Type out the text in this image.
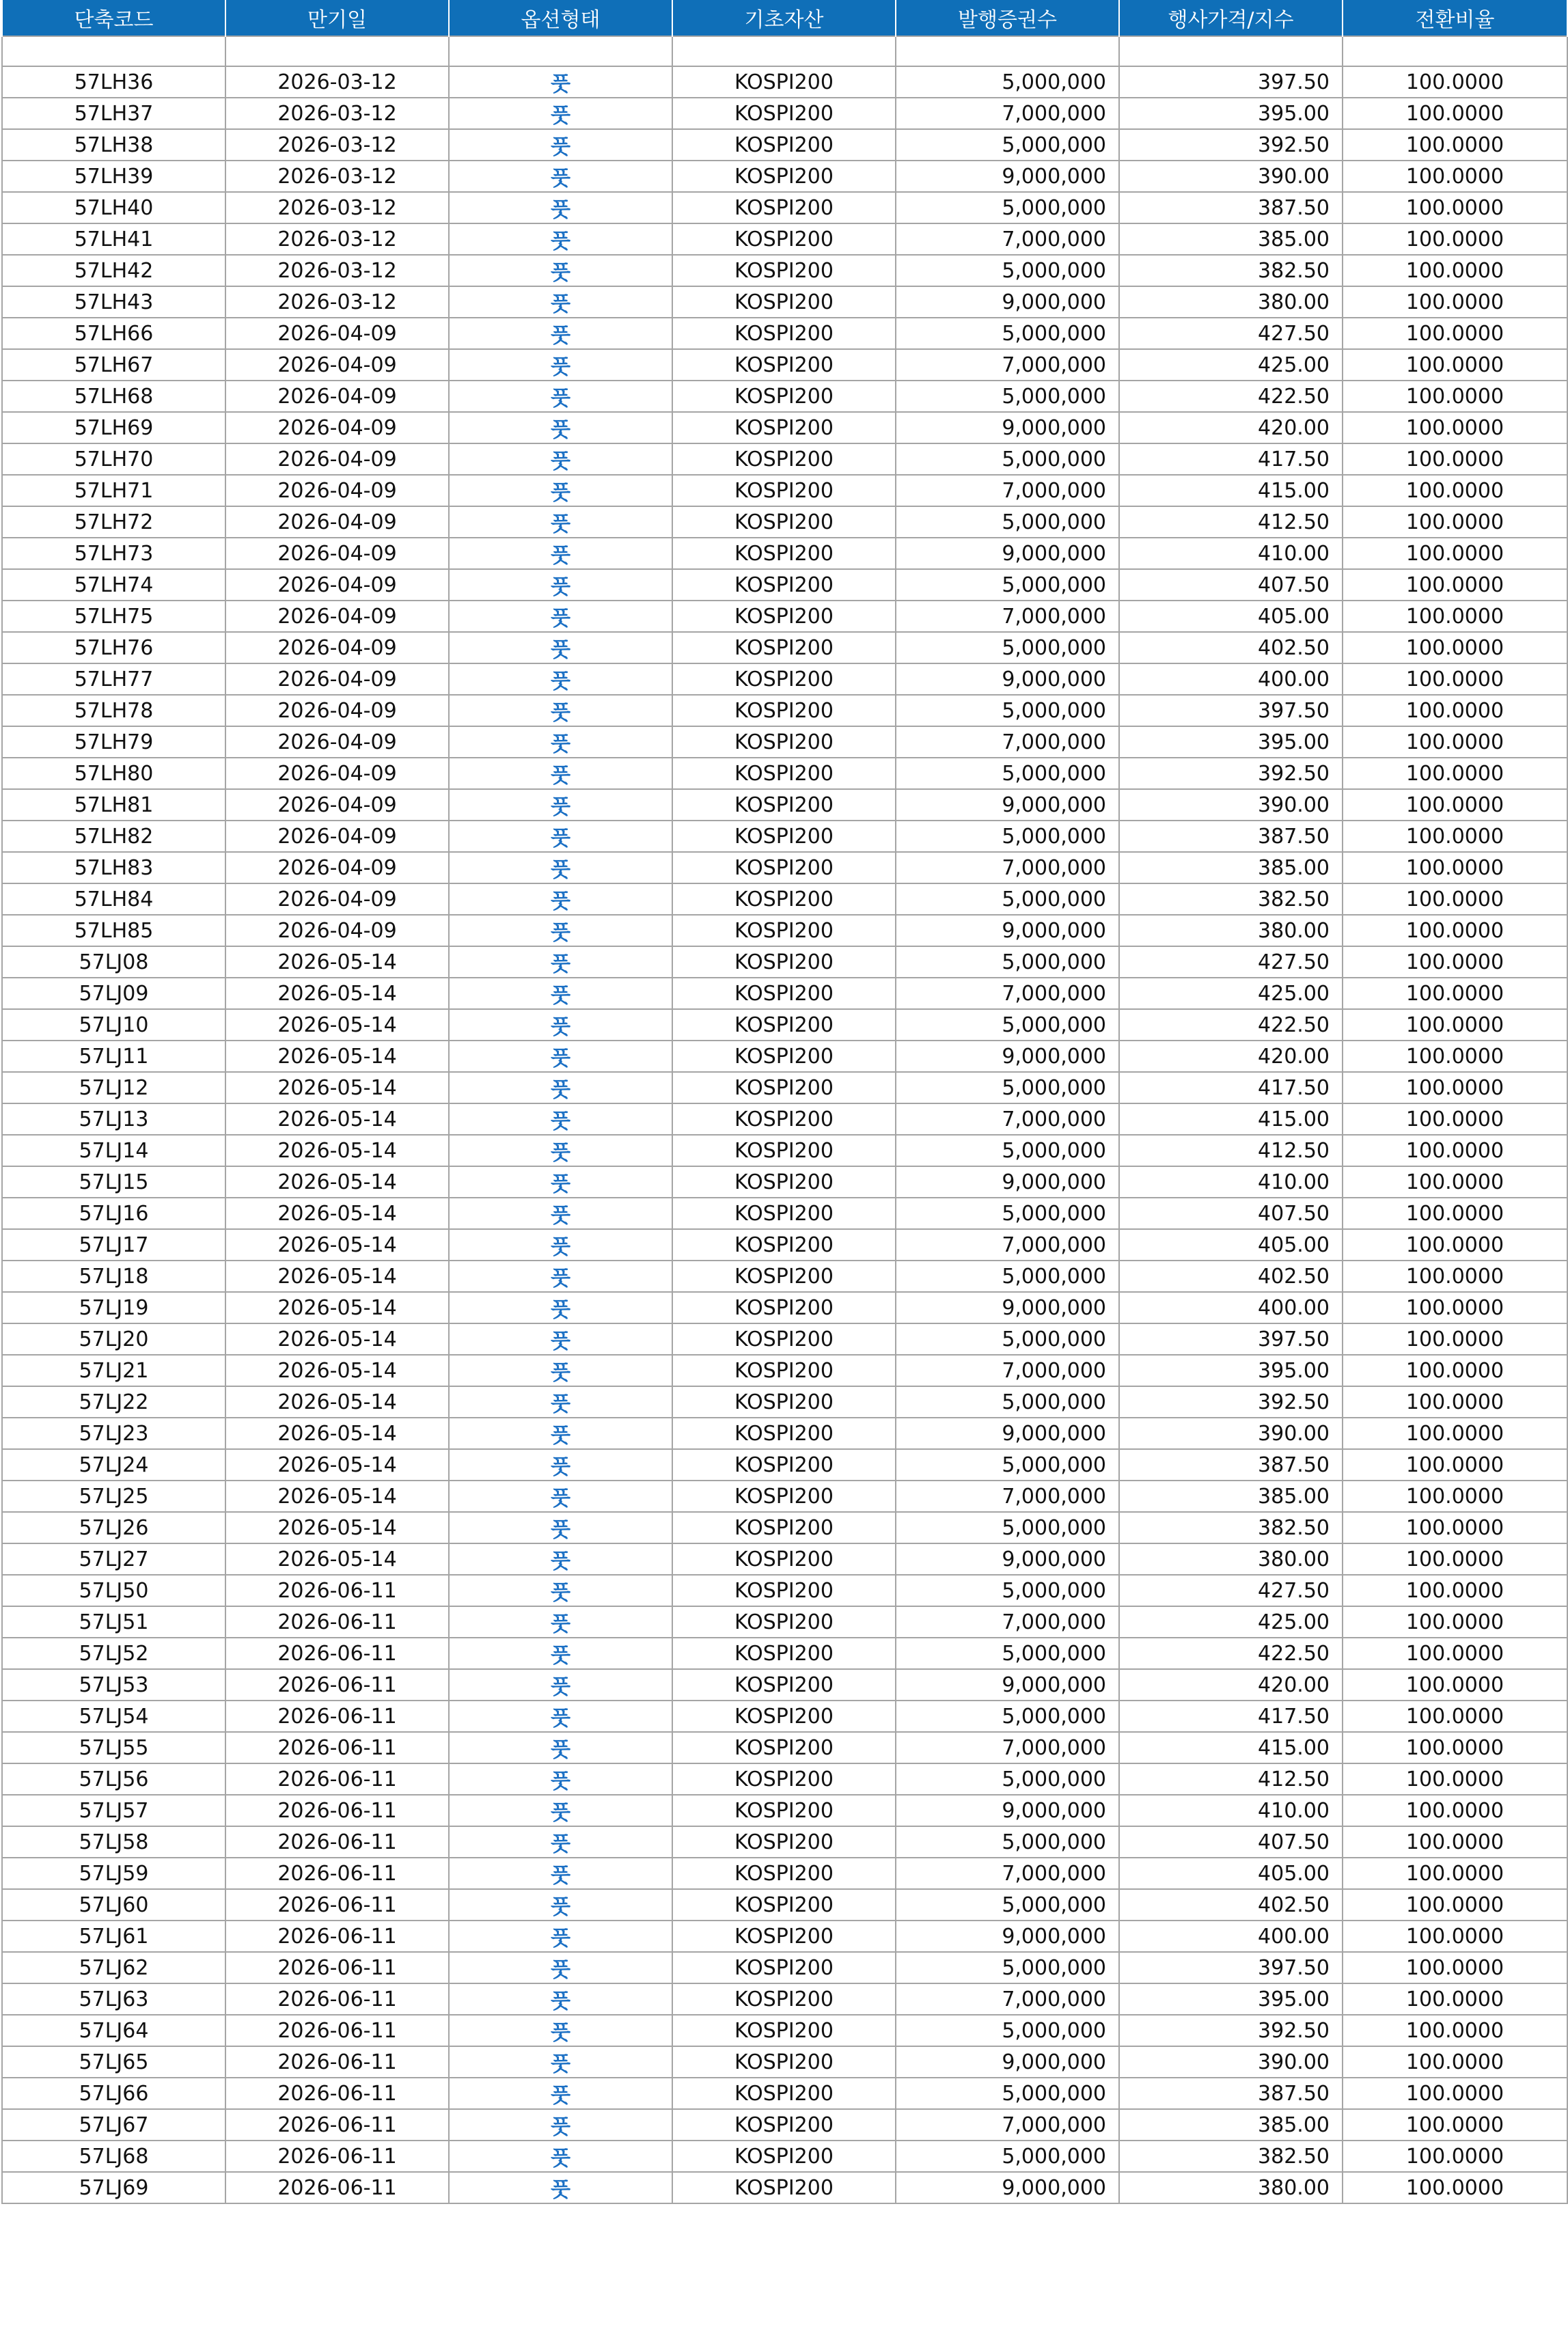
단축코드	만기일	옵션형태	기초자산	발행증권수	행사가격/지수	전환비율

57LH36	2026-03-12	풋	KOSPI200	5,000,000	397.50	100.0000
57LH37	2026-03-12	풋	KOSPI200	7,000,000	395.00	100.0000
57LH38	2026-03-12	풋	KOSPI200	5,000,000	392.50	100.0000
57LH39	2026-03-12	풋	KOSPI200	9,000,000	390.00	100.0000
57LH40	2026-03-12	풋	KOSPI200	5,000,000	387.50	100.0000
57LH41	2026-03-12	풋	KOSPI200	7,000,000	385.00	100.0000
57LH42	2026-03-12	풋	KOSPI200	5,000,000	382.50	100.0000
57LH43	2026-03-12	풋	KOSPI200	9,000,000	380.00	100.0000
57LH66	2026-04-09	풋	KOSPI200	5,000,000	427.50	100.0000
57LH67	2026-04-09	풋	KOSPI200	7,000,000	425.00	100.0000
57LH68	2026-04-09	풋	KOSPI200	5,000,000	422.50	100.0000
57LH69	2026-04-09	풋	KOSPI200	9,000,000	420.00	100.0000
57LH70	2026-04-09	풋	KOSPI200	5,000,000	417.50	100.0000
57LH71	2026-04-09	풋	KOSPI200	7,000,000	415.00	100.0000
57LH72	2026-04-09	풋	KOSPI200	5,000,000	412.50	100.0000
57LH73	2026-04-09	풋	KOSPI200	9,000,000	410.00	100.0000
57LH74	2026-04-09	풋	KOSPI200	5,000,000	407.50	100.0000
57LH75	2026-04-09	풋	KOSPI200	7,000,000	405.00	100.0000
57LH76	2026-04-09	풋	KOSPI200	5,000,000	402.50	100.0000
57LH77	2026-04-09	풋	KOSPI200	9,000,000	400.00	100.0000
57LH78	2026-04-09	풋	KOSPI200	5,000,000	397.50	100.0000
57LH79	2026-04-09	풋	KOSPI200	7,000,000	395.00	100.0000
57LH80	2026-04-09	풋	KOSPI200	5,000,000	392.50	100.0000
57LH81	2026-04-09	풋	KOSPI200	9,000,000	390.00	100.0000
57LH82	2026-04-09	풋	KOSPI200	5,000,000	387.50	100.0000
57LH83	2026-04-09	풋	KOSPI200	7,000,000	385.00	100.0000
57LH84	2026-04-09	풋	KOSPI200	5,000,000	382.50	100.0000
57LH85	2026-04-09	풋	KOSPI200	9,000,000	380.00	100.0000
57LJ08	2026-05-14	풋	KOSPI200	5,000,000	427.50	100.0000
57LJ09	2026-05-14	풋	KOSPI200	7,000,000	425.00	100.0000
57LJ10	2026-05-14	풋	KOSPI200	5,000,000	422.50	100.0000
57LJ11	2026-05-14	풋	KOSPI200	9,000,000	420.00	100.0000
57LJ12	2026-05-14	풋	KOSPI200	5,000,000	417.50	100.0000
57LJ13	2026-05-14	풋	KOSPI200	7,000,000	415.00	100.0000
57LJ14	2026-05-14	풋	KOSPI200	5,000,000	412.50	100.0000
57LJ15	2026-05-14	풋	KOSPI200	9,000,000	410.00	100.0000
57LJ16	2026-05-14	풋	KOSPI200	5,000,000	407.50	100.0000
57LJ17	2026-05-14	풋	KOSPI200	7,000,000	405.00	100.0000
57LJ18	2026-05-14	풋	KOSPI200	5,000,000	402.50	100.0000
57LJ19	2026-05-14	풋	KOSPI200	9,000,000	400.00	100.0000
57LJ20	2026-05-14	풋	KOSPI200	5,000,000	397.50	100.0000
57LJ21	2026-05-14	풋	KOSPI200	7,000,000	395.00	100.0000
57LJ22	2026-05-14	풋	KOSPI200	5,000,000	392.50	100.0000
57LJ23	2026-05-14	풋	KOSPI200	9,000,000	390.00	100.0000
57LJ24	2026-05-14	풋	KOSPI200	5,000,000	387.50	100.0000
57LJ25	2026-05-14	풋	KOSPI200	7,000,000	385.00	100.0000
57LJ26	2026-05-14	풋	KOSPI200	5,000,000	382.50	100.0000
57LJ27	2026-05-14	풋	KOSPI200	9,000,000	380.00	100.0000
57LJ50	2026-06-11	풋	KOSPI200	5,000,000	427.50	100.0000
57LJ51	2026-06-11	풋	KOSPI200	7,000,000	425.00	100.0000
57LJ52	2026-06-11	풋	KOSPI200	5,000,000	422.50	100.0000
57LJ53	2026-06-11	풋	KOSPI200	9,000,000	420.00	100.0000
57LJ54	2026-06-11	풋	KOSPI200	5,000,000	417.50	100.0000
57LJ55	2026-06-11	풋	KOSPI200	7,000,000	415.00	100.0000
57LJ56	2026-06-11	풋	KOSPI200	5,000,000	412.50	100.0000
57LJ57	2026-06-11	풋	KOSPI200	9,000,000	410.00	100.0000
57LJ58	2026-06-11	풋	KOSPI200	5,000,000	407.50	100.0000
57LJ59	2026-06-11	풋	KOSPI200	7,000,000	405.00	100.0000
57LJ60	2026-06-11	풋	KOSPI200	5,000,000	402.50	100.0000
57LJ61	2026-06-11	풋	KOSPI200	9,000,000	400.00	100.0000
57LJ62	2026-06-11	풋	KOSPI200	5,000,000	397.50	100.0000
57LJ63	2026-06-11	풋	KOSPI200	7,000,000	395.00	100.0000
57LJ64	2026-06-11	풋	KOSPI200	5,000,000	392.50	100.0000
57LJ65	2026-06-11	풋	KOSPI200	9,000,000	390.00	100.0000
57LJ66	2026-06-11	풋	KOSPI200	5,000,000	387.50	100.0000
57LJ67	2026-06-11	풋	KOSPI200	7,000,000	385.00	100.0000
57LJ68	2026-06-11	풋	KOSPI200	5,000,000	382.50	100.0000
57LJ69	2026-06-11	풋	KOSPI200	9,000,000	380.00	100.0000
